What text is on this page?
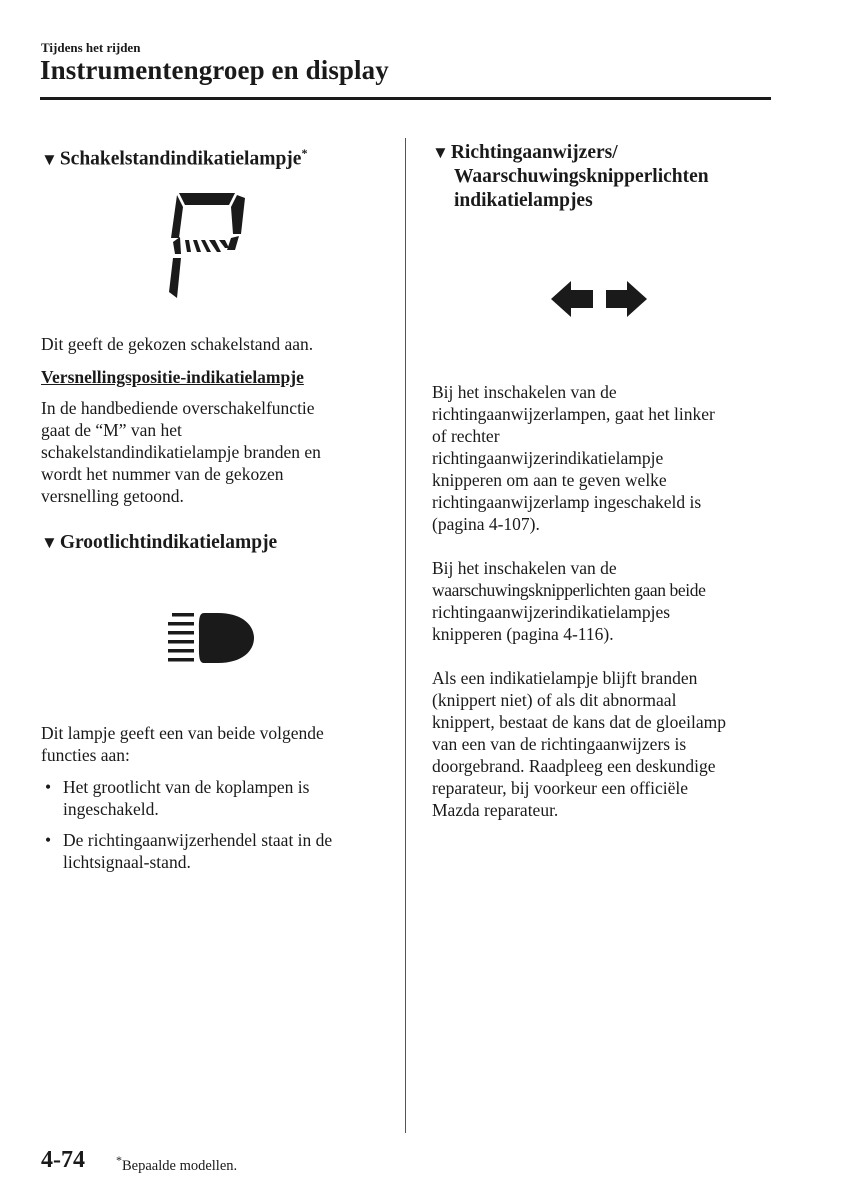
Tijdens het rijden
Instrumentengroep en display
▼ Schakelstandindikatielampje*
Dit geeft de gekozen schakelstand aan.
Versnellingspositie-indikatielampje
In de handbediende overschakelfunctie
gaat de “M” van het
schakelstandindikatielampje branden en
wordt het nummer van de gekozen
versnelling getoond.
▼ Grootlichtindikatielampje
Dit lampje geeft een van beide volgende
functies aan:
• Het grootlicht van de koplampen is
ingeschakeld.
• De richtingaanwijzerhendel staat in de
lichtsignaal-stand.
▼ Richtingaanwijzers/
Waarschuwingsknipperlichten
indikatielampjes
Bij het inschakelen van de
richtingaanwijzerlampen, gaat het linker
of rechter
richtingaanwijzerindikatielampje
knipperen om aan te geven welke
richtingaanwijzerlamp ingeschakeld is
(pagina 4-107).
Bij het inschakelen van de
waarschuwingsknipperlichten gaan beide
richtingaanwijzerindikatielampjes
knipperen (pagina 4-116).
Als een indikatielampje blijft branden
(knippert niet) of als dit abnormaal
knippert, bestaat de kans dat de gloeilamp
van een van de richtingaanwijzers is
doorgebrand. Raadpleeg een deskundige
reparateur, bij voorkeur een officiële
Mazda reparateur.
4-74	*Bepaalde modellen.
